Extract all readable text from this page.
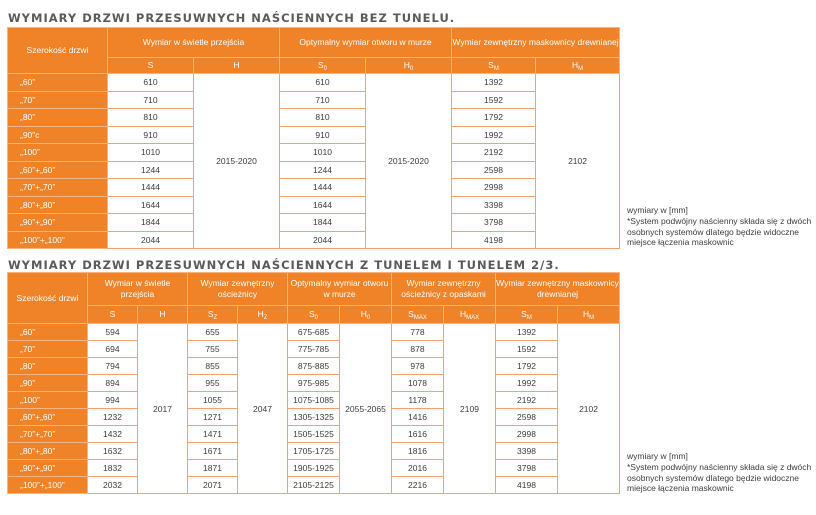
WYMIARY DRZWI PRZESUWNYCH NAŚCIENNYCH BEZ TUNELU.
Szerokość drzwi	Wymiar w świetle przejścia		Optymalny wymiar otworu w murze		Wymiar zewnętrzny maskownicy drewnianej	
	S	H	$S_0$	$H_0$	$S_M$	$H_M$
„60”	610	2015-2020	610	2015-2020	1392	2102
„70”	710		710		1592	
„80”	810		810		1792	
„90”c	910		910		1992	
„100”	1010		1010		2192	
„60”+„60”	1244		1244		2598	
„70”+„70”	1444		1444		2998	
„80”+„80”	1644		1644		3398	
„90”+„90”	1844		1844		3798	
„100”+„100”	2044		2044		4198	
wymiary w [mm]
*System podwójny naścienny składa się z dwóch osobnych systemów dlatego będzie widoczne miejsce łączenia maskownic
WYMIARY DRZWI PRZESUWNYCH NAŚCIENNYCH Z TUNELEM I TUNELEM 2/3.
Szerokość drzwi	Wymiar w świetle przejścia		Wymiar zewnętrzny ościeżnicy		Optymalny wymiar otworu w murze		Wymiar zewnętrzny ościeżnicy z opaskami		Wymiar zewnętrzny maskownicy drewnianej	
	S	H	$S_Z$	$H_Z$	$S_0$	$H_0$	$S_{MAX}$	$H_{MAX}$	$S_M$	$H_M$
„60”	594	2017	655	2047	675-685	2055-2065	778	2109	1392	2102
„70”	694		755		775-785		878		1592	
„80”	794		855		875-885		978		1792	
„90”	894		955		975-985		1078		1992	
„100”	994		1055		1075-1085		1178		2192	
„60”+„60”	1232		1271		1305-1325		1416		2598	
„70”+„70”	1432		1471		1505-1525		1616		2998	
„80”+„80”	1632		1671		1705-1725		1816		3398	
„90”+„90”	1832		1871		1905-1925		2016		3798	
„100”+„100”	2032		2071		2105-2125		2216		4198	
wymiary w [mm]
*System podwójny naścienny składa się z dwóch osobnych systemów dlatego będzie widoczne miejsce łączenia maskownic
